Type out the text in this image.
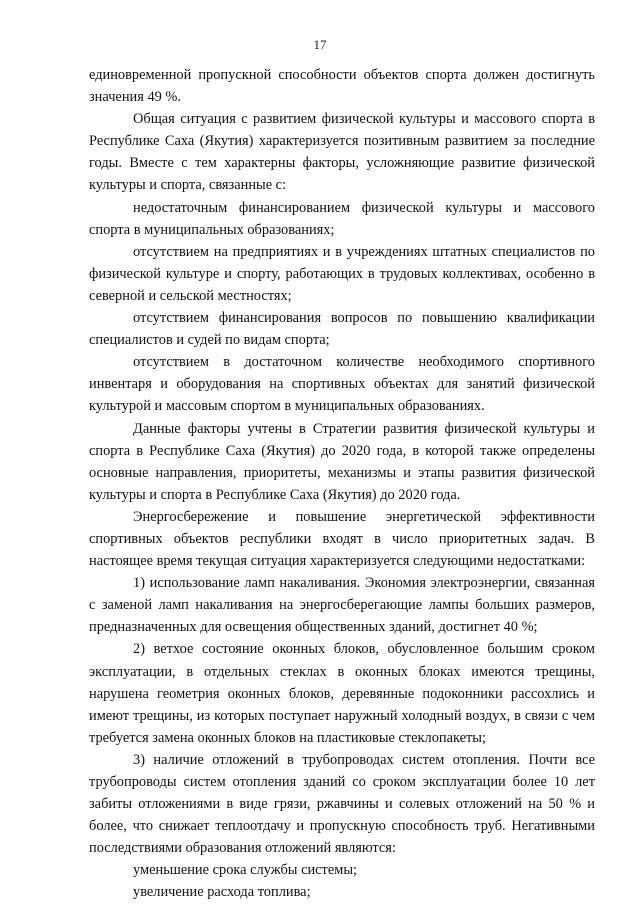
17

единовременной пропускной способности объектов спорта должен достигнуть значения 49 %.

Общая ситуация с развитием физической культуры и массового спорта в Республике Саха (Якутия) характеризуется позитивным развитием за последние годы. Вместе с тем характерны факторы, усложняющие развитие физической культуры и спорта, связанные с:

недостаточным финансированием физической культуры и массового спорта в муниципальных образованиях;

отсутствием на предприятиях и в учреждениях штатных специалистов по физической культуре и спорту, работающих в трудовых коллективах, особенно в северной и сельской местностях;

отсутствием финансирования вопросов по повышению квалификации специалистов и судей по видам спорта;

отсутствием в достаточном количестве необходимого спортивного инвентаря и оборудования на спортивных объектах для занятий физической культурой и массовым спортом в муниципальных образованиях.

Данные факторы учтены в Стратегии развития физической культуры и спорта в Республике Саха (Якутия) до 2020 года, в которой также определены основные направления, приоритеты, механизмы и этапы развития физической культуры и спорта в Республике Саха (Якутия) до 2020 года.

Энергосбережение и повышение энергетической эффективности спортивных объектов республики входят в число приоритетных задач. В настоящее время текущая ситуация характеризуется следующими недостатками:

1) использование ламп накаливания. Экономия электроэнергии, связанная с заменой ламп накаливания на энергосберегающие лампы больших размеров, предназначенных для освещения общественных зданий, достигнет 40 %;

2) ветхое состояние оконных блоков, обусловленное большим сроком эксплуатации, в отдельных стеклах в оконных блоках имеются трещины, нарушена геометрия оконных блоков, деревянные подоконники рассохлись и имеют трещины, из которых поступает наружный холодный воздух, в связи с чем требуется замена оконных блоков на пластиковые стеклопакеты;

3) наличие отложений в трубопроводах систем отопления. Почти все трубопроводы систем отопления зданий со сроком эксплуатации более 10 лет забиты отложениями в виде грязи, ржавчины и солевых отложений на 50 % и более, что снижает теплоотдачу и пропускную способность труб. Негативными последствиями образования отложений являются:

уменьшение срока службы системы;

увеличение расхода топлива;
